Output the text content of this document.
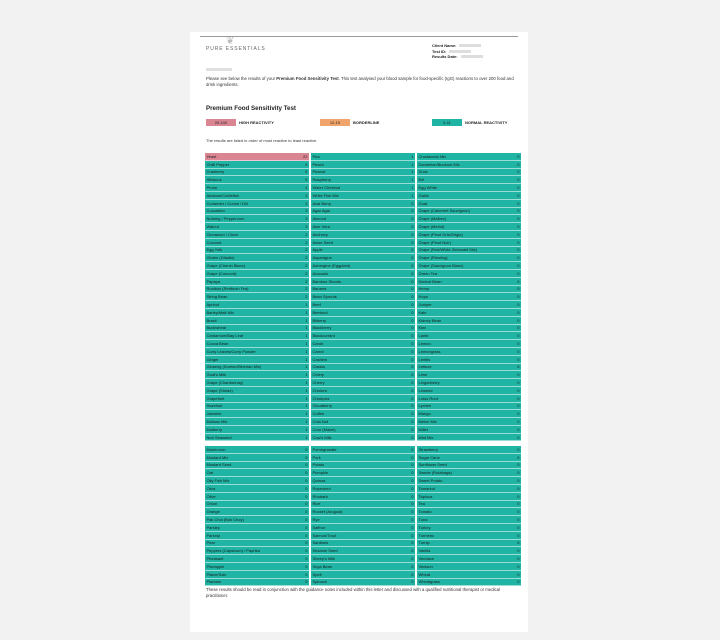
❦
PURE ESSENTIALS
Client Name:
Test ID:
Results Date:
Please see below the results of your Premium Food Sensitivity Test. This test analysed your blood sample for food-specific (IgG) reactions to over 200 food and drink ingredients.
Premium Food Sensitivity Test
20-100	HIGH REACTIVITY	12-19	BORDERLINE	0-11	NORMAL REACTIVITY
The results are listed in order of most reactive to least reactive.
Yeast	22
Chilli Pepper	9
Cranberry	5
Hibiscus	5
Prune	4
Abalone/Cuttlefish	3
Coriander / Cumin / Dill	3
Cucumber	3
Nutmeg / Peppercorn	3
Walnut	3
Cinnamon / Clove	2
Coconut	2
Egg Yolk	2
Gluten (Gliadin)	2
Grape (Chenin Blanc)	2
Grape (Concord)	2
Papaya	2
Rooibos (Redbush Tea)	2
String Bean	2
Apricot	1
Barley/Malt Mix	1
Brazil	1
Buckwheat	1
Cardamom/Bay Leaf	1
Cocoa Bean	1
Curry Leaves/Curry Powder	1
Ginger	1
Ginseng (Korean/Siberian Mix)	1
Goat's Milk	1
Grape (Chardonnay)	1
Grape (Shiraz)	1
Grapefruit	1
Hazelnut	1
Jasmine	1
Mollusc Mix	1
Mulberry	1
Nori Seaweed	1
Pea	1
Peach	1
Peanut	1
Raspberry	1
Water Chestnut	1
White Fish Mix	1
Acai Berry	0
Agar Agar	0
Almond	0
Aloe Vera	0
Anchovy	0
Anise Seed	0
Apple	0
Asparagus	0
Aubergine (Eggplant)	0
Avocado	0
Bamboo Shoots	0
Banana	0
Bean Sprouts	0
Beef	0
Beetroot	0
Bilberry	0
Blackberry	0
Blackcurrant	0
Carob	0
Carrot	0
Cashew	0
Cassia	0
Celery	0
Cherry	0
Chicken	0
Chickpea	0
Cloudberry	0
Coffee	0
Cola Nut	0
Corn (Maize)	0
Cow's Milk	0
Crustacean Mix	0
Dandelion/Burdock Mix	0
Duck	0
Eel	0
Egg White	0
Garlic	0
Goat	0
Grape (Cabernet Sauvignon)	0
Grape (Malbec)	0
Grape (Merlot)	0
Grape (Pinot Gris/Grigio)	0
Grape (Pinot Noir)	0
Grape (Red/White Zinfandel Mix)	0
Grape (Riesling)	0
Grape (Sauvignon Blanc)	0
Green Tea	0
Haricot Bean	0
Hemp	0
Hops	0
Juniper	0
Kale	0
Kidney Bean	0
Kiwi	0
Lamb	0
Lemon	0
Lemongrass	0
Lentils	0
Lettuce	0
Lime	0
Lingonberry	0
Linseed	0
Lotus Root	0
Lychee	0
Mango	0
Melon Mix	0
Millet	0
Mint Mix	0
Mushroom	0
Mustard Mix	0
Mustard Seed	0
Oat	0
Oily Fish Mix	0
Okra	0
Olive	0
Onion	0
Orange	0
Pak Choi (Bok Choy)	0
Parsley	0
Parsnip	0
Pear	0
Peppers (Capsicum) / Paprika	0
Pheasant	0
Pineapple	0
Plaice/Sole	0
Plantain	0
Pomegranate	0
Pork	0
Potato	0
Pumpkin	0
Quinoa	0
Rapeseed	0
Rhubarb	0
Rice	0
Rocket (Arugula)	0
Rye	0
Saffron	0
Salmon/Trout	0
Sardines	0
Sesame Seed	0
Sheep's Milk	0
Soya Bean	0
Spelt	0
Spinach	0
Strawberry	0
Sugar Cane	0
Sunflower Seed	0
Swede (Rutabaga)	0
Sweet Potato	0
Tamarind	0
Tapioca	0
Tea	0
Tomato	0
Tuna	0
Turkey	0
Turmeric	0
Turnip	0
Vanilla	0
Vendace	0
Venison	0
Wheat	0
Wheatgrass	0
These results should be read in conjunction with the guidance notes included within this letter and discussed with a qualified nutritional therapist or medical practitioner.
